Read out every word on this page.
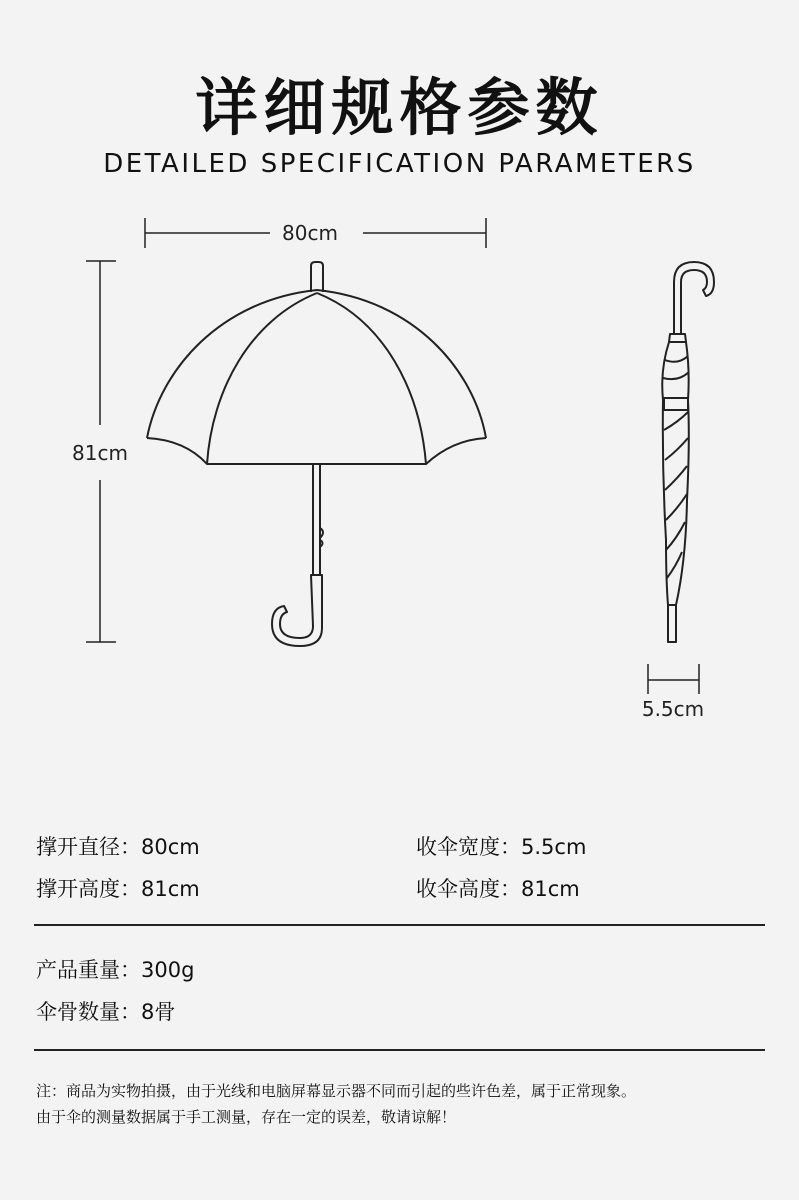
详细规格参数
DETAILED SPECIFICATION PARAMETERS
80cm
81cm
5.5cm
撑开直径：80cm	收伞宽度：5.5cm
撑开高度：81cm	收伞高度：81cm
产品重量：300g
伞骨数量：8骨
注：商品为实物拍摄，由于光线和电脑屏幕显示器不同而引起的些许色差，属于正常现象。
由于伞的测量数据属于手工测量，存在一定的误差，敬请谅解！
